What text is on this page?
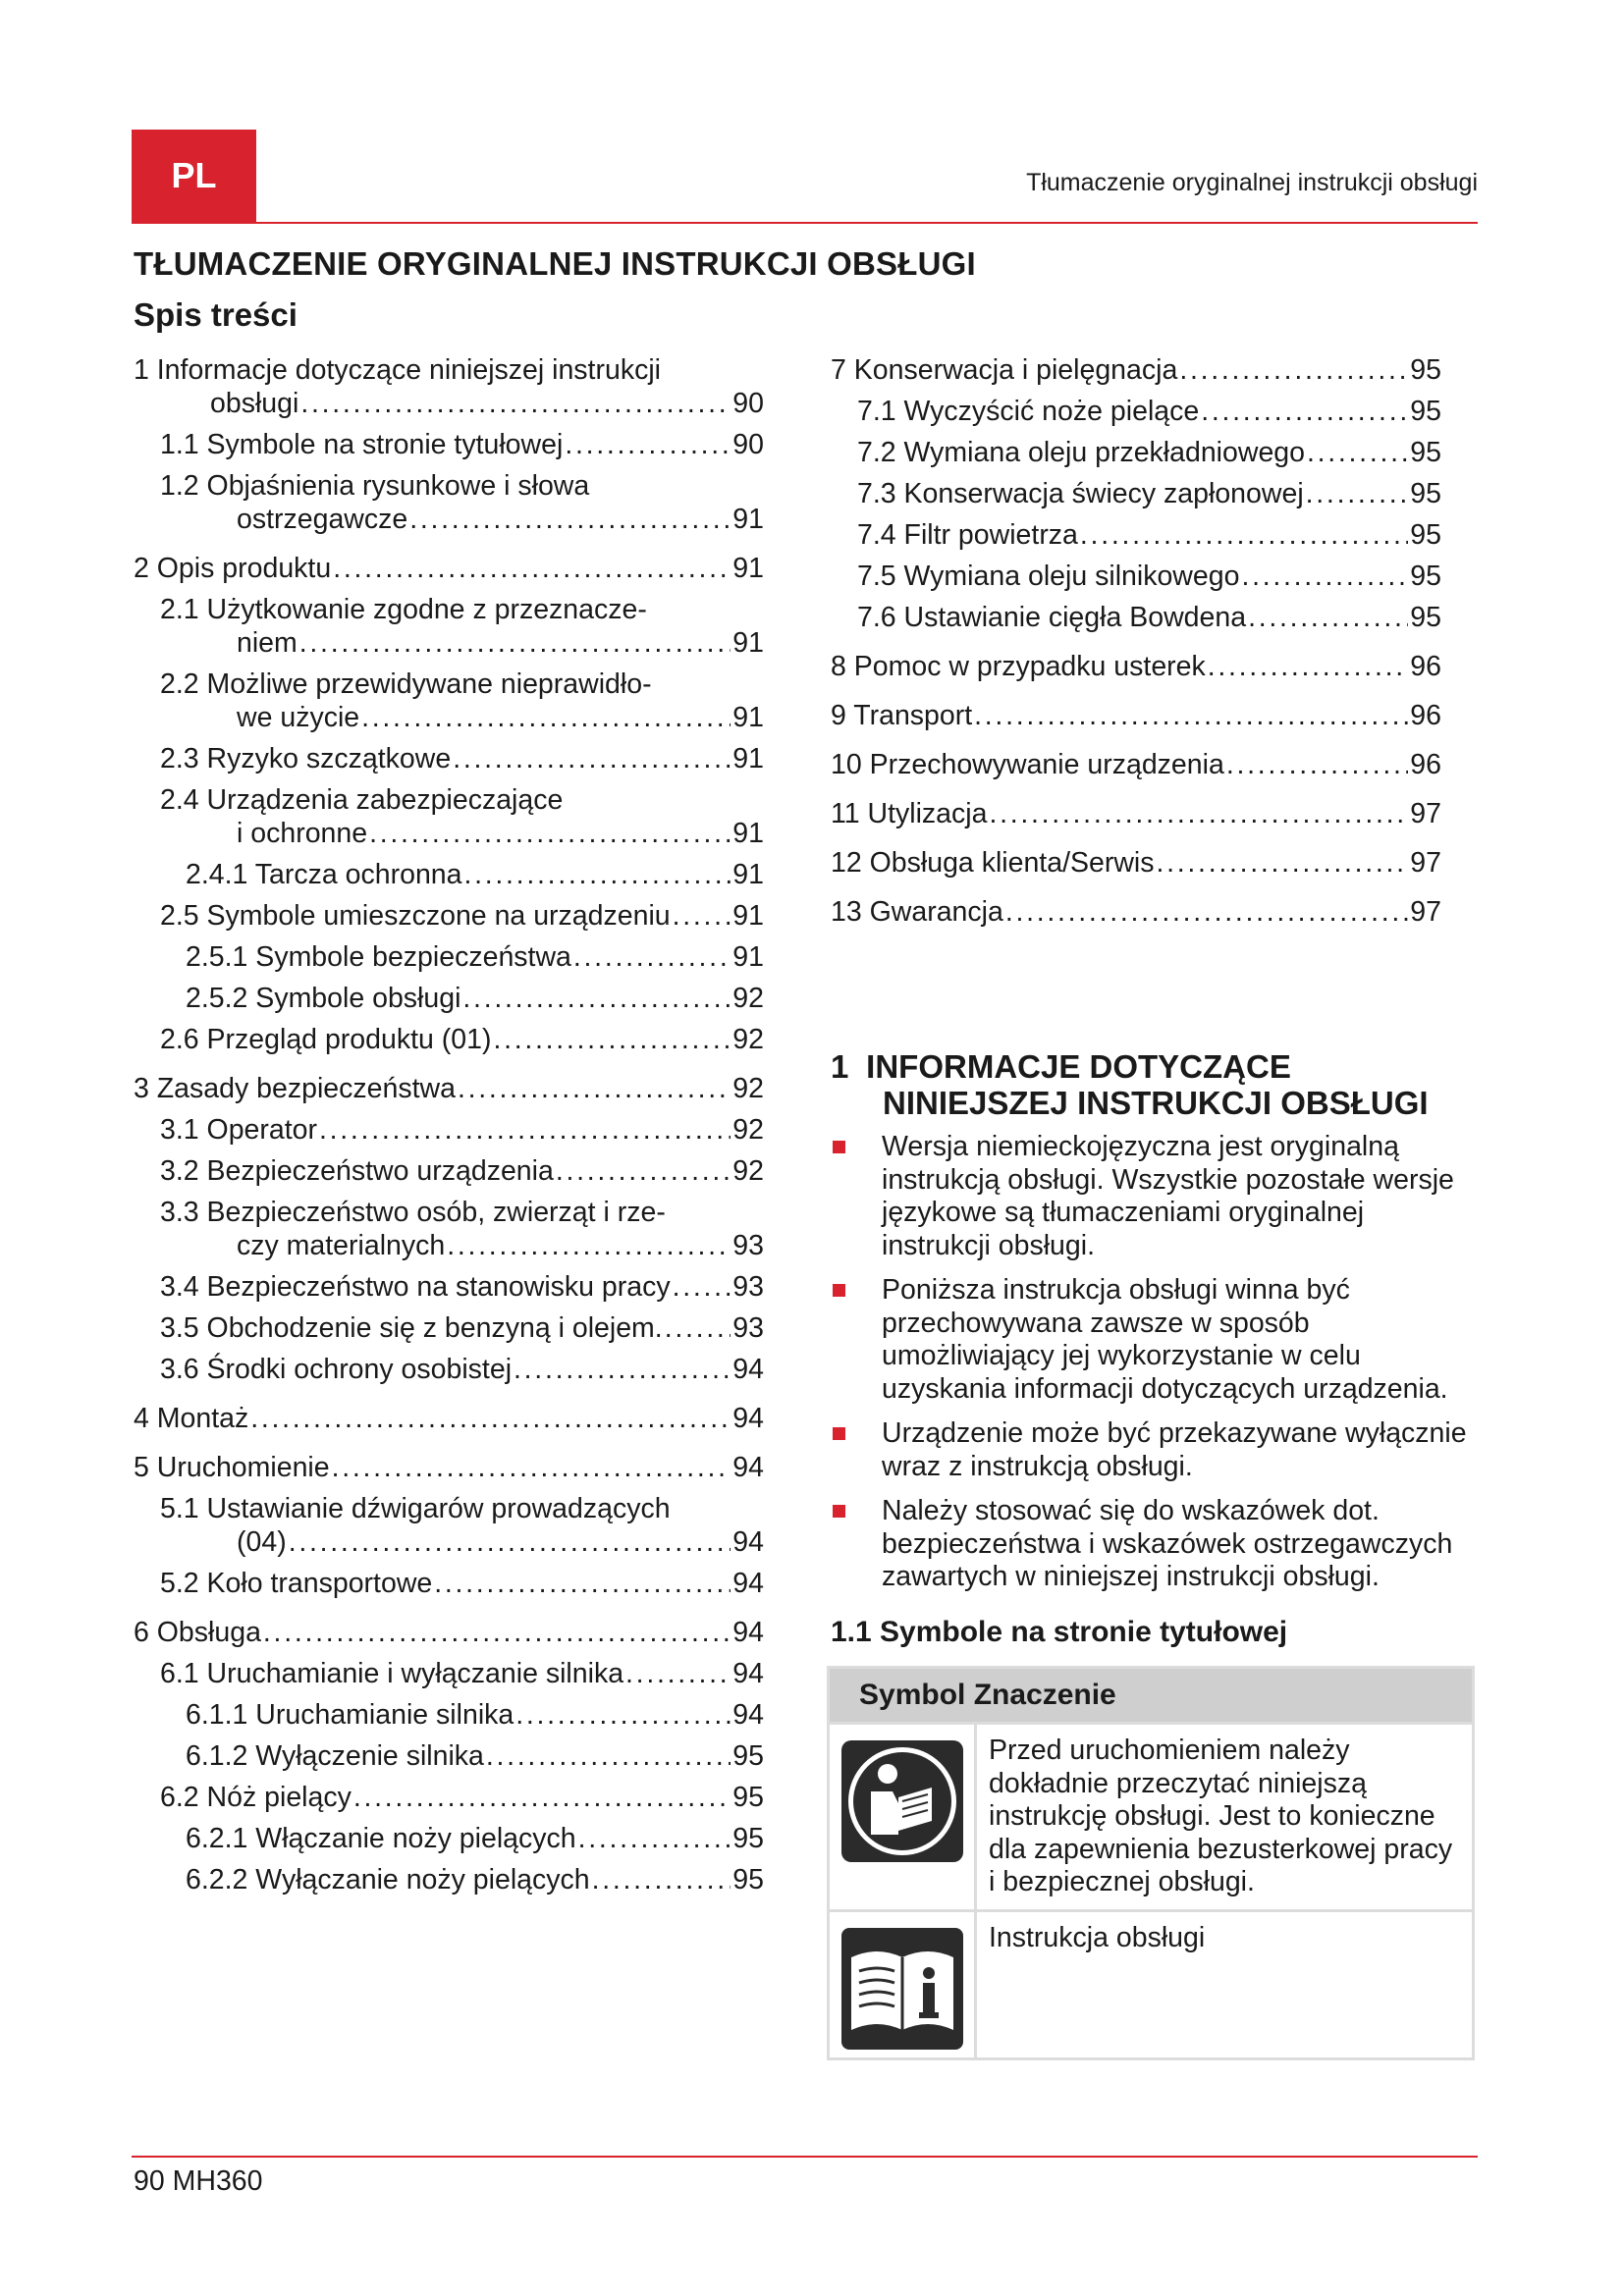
PL	Tłumaczenie oryginalnej instrukcji obsługi
TŁUMACZENIE ORYGINALNEJ INSTRUKCJI OBSŁUGI
Spis treści
1 Informacje dotyczące niniejszej instrukcji
obsługi . . .	90
1.1 Symbole na stronie tytułowej . . .	90
1.2 Objaśnienia rysunkowe i słowa
ostrzegawcze . . .	91
2 Opis produktu . . .	91
2.1 Użytkowanie zgodne z przeznacze-
niem . . .	91
2.2 Możliwe przewidywane nieprawidło-
we użycie . . .	91
2.3 Ryzyko szczątkowe . . .	91
2.4 Urządzenia zabezpieczające
i ochronne . . .	91
2.4.1 Tarcza ochronna . . .	91
2.5 Symbole umieszczone na urządzeniu . . . 91
2.5.1 Symbole bezpieczeństwa . . .	91
2.5.2 Symbole obsługi . . .	92
2.6 Przegląd produktu (01) . . .	92
3 Zasady bezpieczeństwa . . .	92
3.1 Operator . . .	92
3.2 Bezpieczeństwo urządzenia . . .	92
3.3 Bezpieczeństwo osób, zwierząt i rze-
czy materialnych . . .	93
3.4 Bezpieczeństwo na stanowisku pracy . . . 93
3.5 Obchodzenie się z benzyną i olejem. . . .	93
3.6 Środki ochrony osobistej . . .	94
4 Montaż . . .	94
5 Uruchomienie . . .	94
5.1 Ustawianie dźwigarów prowadzących
(04) . . .	94
5.2 Koło transportowe . . .	94
6 Obsługa . . .	94
6.1 Uruchamianie i wyłączanie silnika . . .	94
6.1.1 Uruchamianie silnika . . .	94
6.1.2 Wyłączenie silnika . . .	95
6.2 Nóż pielący . . .	95
6.2.1 Włączanie noży pielących . . .	95
6.2.2 Wyłączanie noży pielących . . .	95
7 Konserwacja i pielęgnacja . . .	95
7.1 Wyczyścić noże pielące . . .	95
7.2 Wymiana oleju przekładniowego . . .	95
7.3 Konserwacja świecy zapłonowej . . .	95
7.4 Filtr powietrza . . .	95
7.5 Wymiana oleju silnikowego . . .	95
7.6 Ustawianie cięgła Bowdena . . .	95
8 Pomoc w przypadku usterek . . .	96
9 Transport . . .	96
10 Przechowywanie urządzenia . . .	96
11 Utylizacja . . .	97
12 Obsługa klienta/Serwis . . .	97
13 Gwarancja . . .	97
1 INFORMACJE DOTYCZĄCE
NINIEJSZEJ INSTRUKCJI OBSŁUGI
Wersja niemieckojęzyczna jest oryginalną instrukcją obsługi. Wszystkie pozostałe wersje językowe są tłumaczeniami oryginalnej instrukcji obsługi.
Poniższa instrukcja obsługi winna być przechowywana zawsze w sposób umożliwiający jej wykorzystanie w celu uzyskania informacji dotyczących urządzenia.
Urządzenie może być przekazywane wyłącznie wraz z instrukcją obsługi.
Należy stosować się do wskazówek dot. bezpieczeństwa i wskazówek ostrzegawczych zawartych w niniejszej instrukcji obsługi.
1.1 Symbole na stronie tytułowej
Symbol Znaczenie
Przed uruchomieniem należy dokładnie przeczytać niniejszą instrukcję obsługi. Jest to konieczne dla zapewnienia bezusterkowej pracy i bezpiecznej obsługi.
Instrukcja obsługi
90 MH360
